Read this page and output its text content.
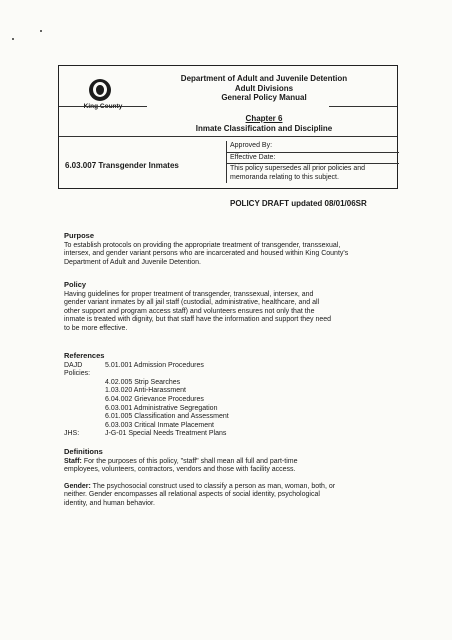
Department of Adult and Juvenile Detention
Adult Divisions
General Policy Manual
Chapter 6
Inmate Classification and Discipline
6.03.007 Transgender Inmates
Approved By:
Effective Date:
This policy supersedes all prior policies and
memoranda relating to this subject.
POLICY DRAFT updated 08/01/06SR
Purpose

To establish protocols on providing the appropriate treatment of transgender, transsexual,

intersex, and gender variant persons who are incarcerated and housed within King County's

Department of Adult and Juvenile Detention.

Policy

Having guidelines for proper treatment of transgender, transsexual, intersex, and

gender variant inmates by all jail staff (custodial, administrative, healthcare, and all

other support and program access staff) and volunteers ensures not only that the

inmate is treated with dignity, but that staff have the information and support they need

to be more effective.

References
DAJD Policies:	5.01.001 Admission Procedures
	4.02.005 Strip Searches
	1.03.020 Anti-Harassment
	6.04.002 Grievance Procedures
	6.03.001 Administrative Segregation
	6.01.005 Classification and Assessment
	6.03.003 Critical Inmate Placement
JHS:	J-G-01 Special Needs Treatment Plans
Definitions

Staff: For the purposes of this policy, "staff" shall mean all full and part-time

employees, volunteers, contractors, vendors and those with facility access.

Gender: The psychosocial construct used to classify a person as man, woman, both, or

neither. Gender encompasses all relational aspects of social identity, psychological

identity, and human behavior.
